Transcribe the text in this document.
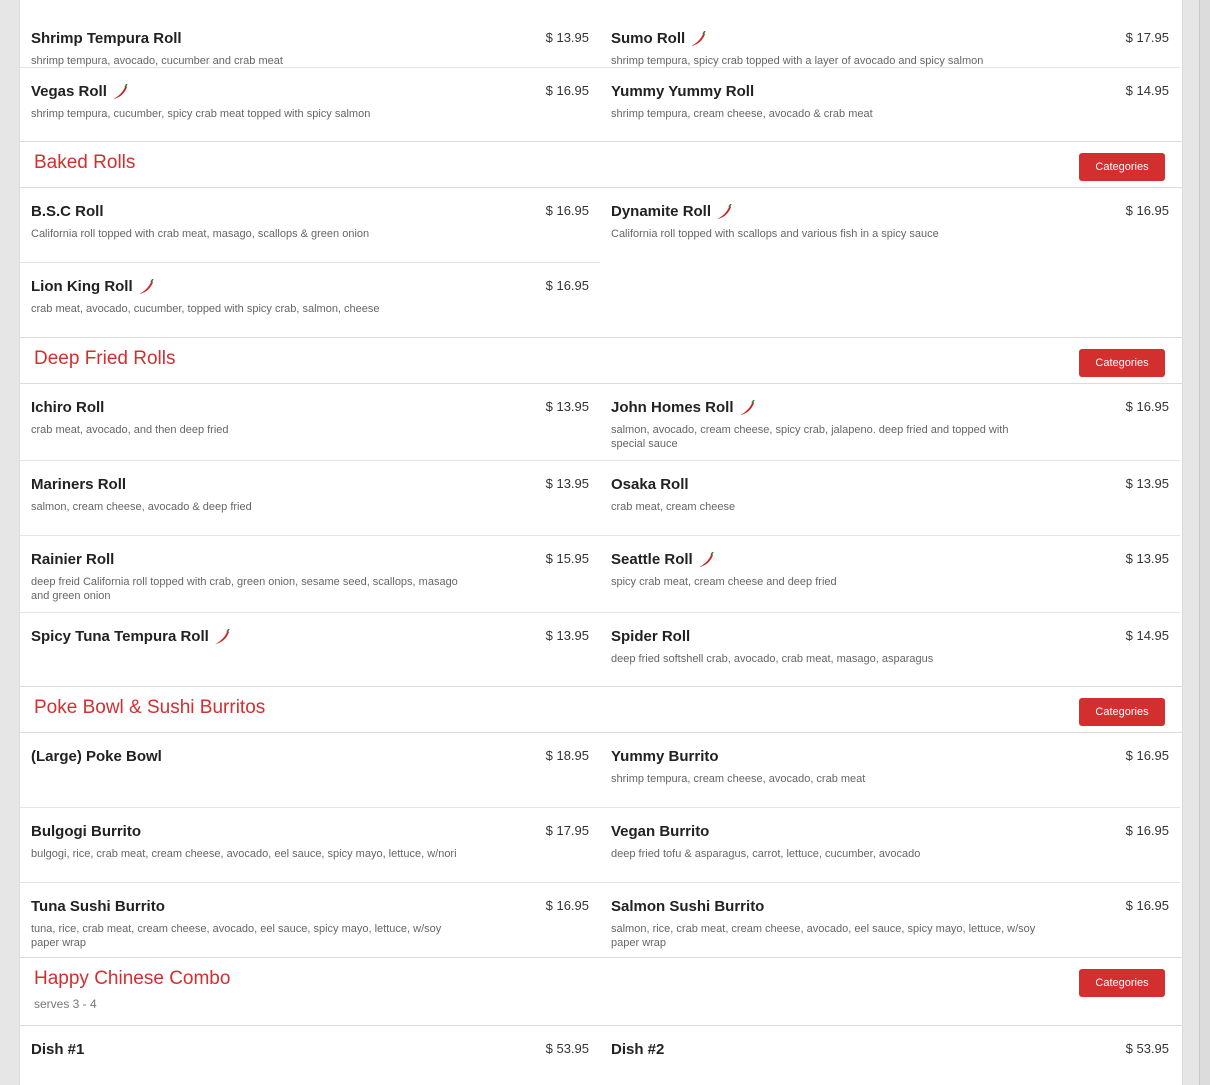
Shrimp Tempura Roll	$ 13.95
shrimp tempura, avocado, cucumber and crab meat
Sumo Roll	$ 17.95
shrimp tempura, spicy crab topped with a layer of avocado and spicy salmon
Vegas Roll	$ 16.95
shrimp tempura, cucumber, spicy crab meat topped with spicy salmon
Yummy Yummy Roll	$ 14.95
shrimp tempura, cream cheese, avocado & crab meat
Baked Rolls	Categories
B.S.C Roll	$ 16.95
California roll topped with crab meat, masago, scallops & green onion
Dynamite Roll	$ 16.95
California roll topped with scallops and various fish in a spicy sauce
Lion King Roll	$ 16.95
crab meat, avocado, cucumber, topped with spicy crab, salmon, cheese
Deep Fried Rolls	Categories
Ichiro Roll	$ 13.95
crab meat, avocado, and then deep fried
John Homes Roll	$ 16.95
salmon, avocado, cream cheese, spicy crab, jalapeno. deep fried and topped with special sauce
Mariners Roll	$ 13.95
salmon, cream cheese, avocado & deep fried
Osaka Roll	$ 13.95
crab meat, cream cheese
Rainier Roll	$ 15.95
deep freid California roll topped with crab, green onion, sesame seed, scallops, masago and green onion
Seattle Roll	$ 13.95
spicy crab meat, cream cheese and deep fried
Spicy Tuna Tempura Roll	$ 13.95 Spider Roll	$ 14.95
deep fried softshell crab, avocado, crab meat, masago, asparagus
Poke Bowl & Sushi Burritos	Categories
(Large) Poke Bowl	$ 18.95 Yummy Burrito	$ 16.95
shrimp tempura, cream cheese, avocado, crab meat
Bulgogi Burrito	$ 17.95
bulgogi, rice, crab meat, cream cheese, avocado, eel sauce, spicy mayo, lettuce, w/nori
Vegan Burrito	$ 16.95
deep fried tofu & asparagus, carrot, lettuce, cucumber, avocado
Tuna Sushi Burrito	$ 16.95
tuna, rice, crab meat, cream cheese, avocado, eel sauce, spicy mayo, lettuce, w/soy paper wrap
Salmon Sushi Burrito	$ 16.95
salmon, rice, crab meat, cream cheese, avocado, eel sauce, spicy mayo, lettuce, w/soy paper wrap
Happy Chinese Combo
serves 3 - 4
Categories
Dish #1	$ 53.95 Dish #2	$ 53.95
